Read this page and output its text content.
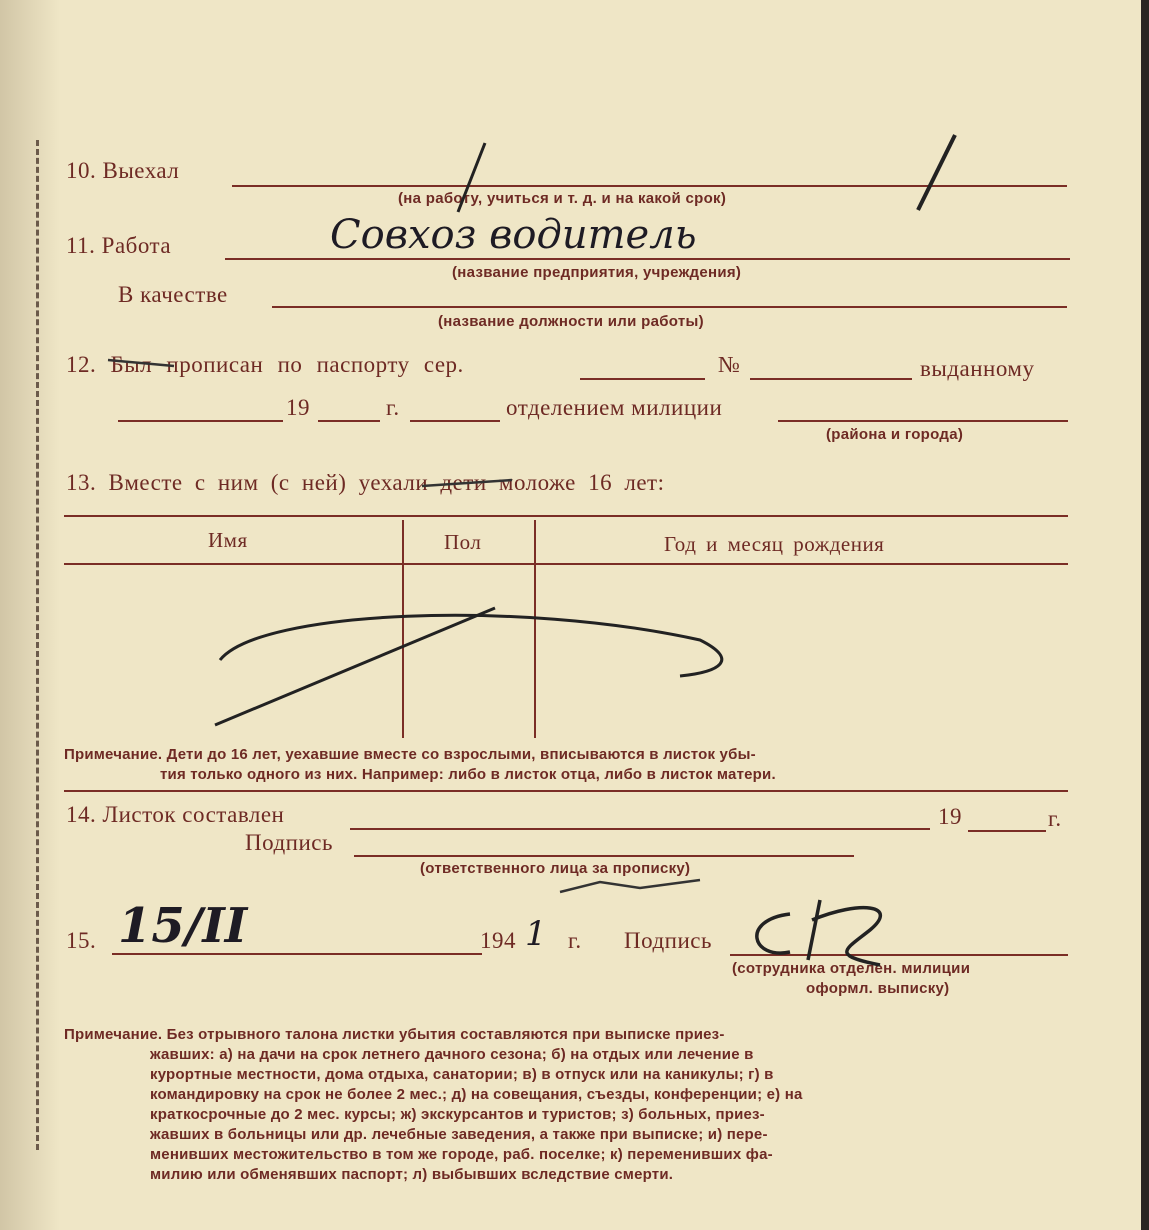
10. Выехал
(на работу, учиться и т. д. и на какой срок)
11. Работа
(название предприятия, учреждения)
Совхоз водитель
В качестве
(название должности или работы)
12. Был прописан по паспорту сер.	№	выданному
19	г.	отделением милиции
(района и города)
13. Вместе с ним (с ней) уехали дети моложе 16 лет:
Имя	Пол	Год и месяц рождения
Примечание. Дети до 16 лет, уехавшие вместе со взрослыми, вписываются в листок убы-
тия только одного из них. Например: либо в листок отца, либо в листок матери.
14. Листок составлен	19	г.
Подпись
(ответственного лица за прописку)
15. 15/II	194 1 г. Подпись
(сотрудника отделен. милиции
оформл. выписку)
Примечание. Без отрывного талона листки убытия составляются при выписке приез-
жавших: а) на дачи на срок летнего дачного сезона; б) на отдых или лечение в
курортные местности, дома отдыха, санатории; в) в отпуск или на каникулы; г) в
командировку на срок не более 2 мес.; д) на совещания, съезды, конференции; е) на
краткосрочные до 2 мес. курсы; ж) экскурсантов и туристов; з) больных, приез-
жавших в больницы или др. лечебные заведения, а также при выписке; и) пере-
менивших местожительство в том же городе, раб. поселке; к) переменивших фа-
милию или обменявших паспорт; л) выбывших вследствие смерти.
